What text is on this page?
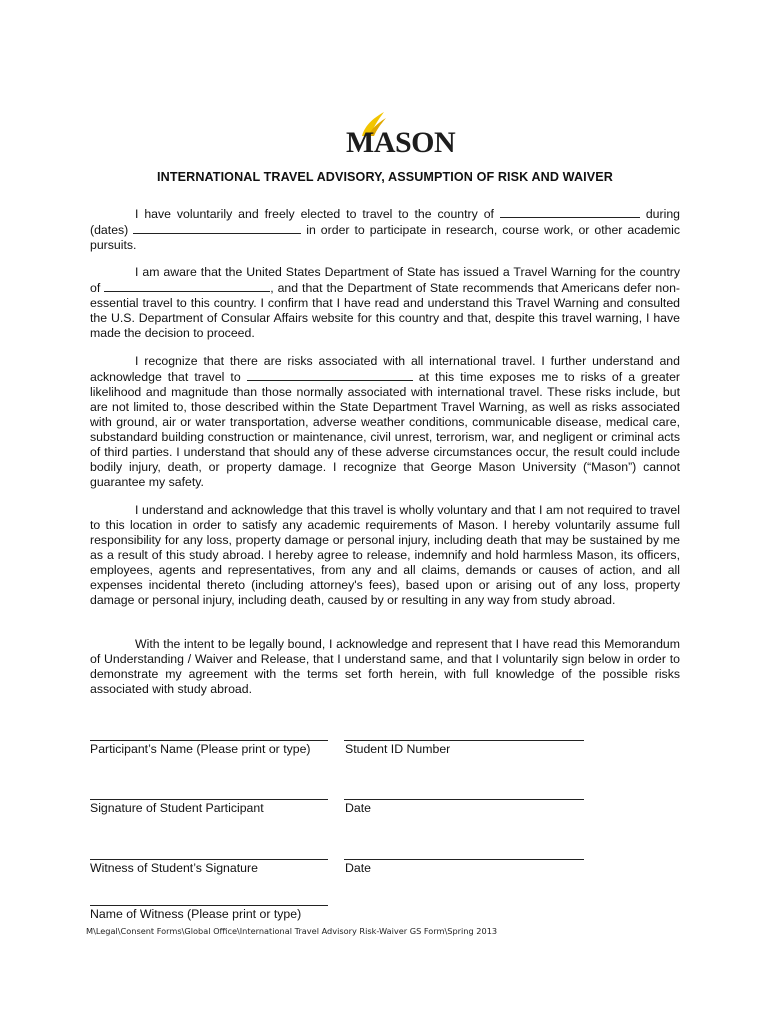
MASON
INTERNATIONAL TRAVEL ADVISORY, ASSUMPTION OF RISK AND WAIVER

I have voluntarily and freely elected to travel to the country of	during (dates)	in order to participate in research, course work, or other academic pursuits.

I am aware that the United States Department of State has issued a Travel Warning for the country of	, and that the Department of State recommends that Americans defer non-essential travel to this country. I confirm that I have read and understand this Travel Warning and consulted the U.S. Department of Consular Affairs website for this country and that, despite this travel warning, I have made the decision to proceed.

I recognize that there are risks associated with all international travel. I further understand and acknowledge that travel to	at this time exposes me to risks of a greater likelihood and magnitude than those normally associated with international travel. These risks include, but are not limited to, those described within the State Department Travel Warning, as well as risks associated with ground, air or water transportation, adverse weather conditions, communicable disease, medical care, substandard building construction or maintenance, civil unrest, terrorism, war, and negligent or criminal acts of third parties. I understand that should any of these adverse circumstances occur, the result could include bodily injury, death, or property damage. I recognize that George Mason University (“Mason”) cannot guarantee my safety.

I understand and acknowledge that this travel is wholly voluntary and that I am not required to travel to this location in order to satisfy any academic requirements of Mason. I hereby voluntarily assume full responsibility for any loss, property damage or personal injury, including death that may be sustained by me as a result of this study abroad. I hereby agree to release, indemnify and hold harmless Mason, its officers, employees, agents and representatives, from any and all claims, demands or causes of action, and all expenses incidental thereto (including attorney's fees), based upon or arising out of any loss, property damage or personal injury, including death, caused by or resulting in any way from study abroad.

With the intent to be legally bound, I acknowledge and represent that I have read this Memorandum of Understanding / Waiver and Release, that I understand same, and that I voluntarily sign below in order to demonstrate my agreement with the terms set forth herein, with full knowledge of the possible risks associated with study abroad.

Participant’s Name (Please print or type)	Student ID Number
Signature of Student Participant	Date
Witness of Student’s Signature	Date
Name of Witness (Please print or type)
M\Legal\Consent Forms\Global Office\International Travel Advisory Risk-Waiver GS Form\Spring 2013
